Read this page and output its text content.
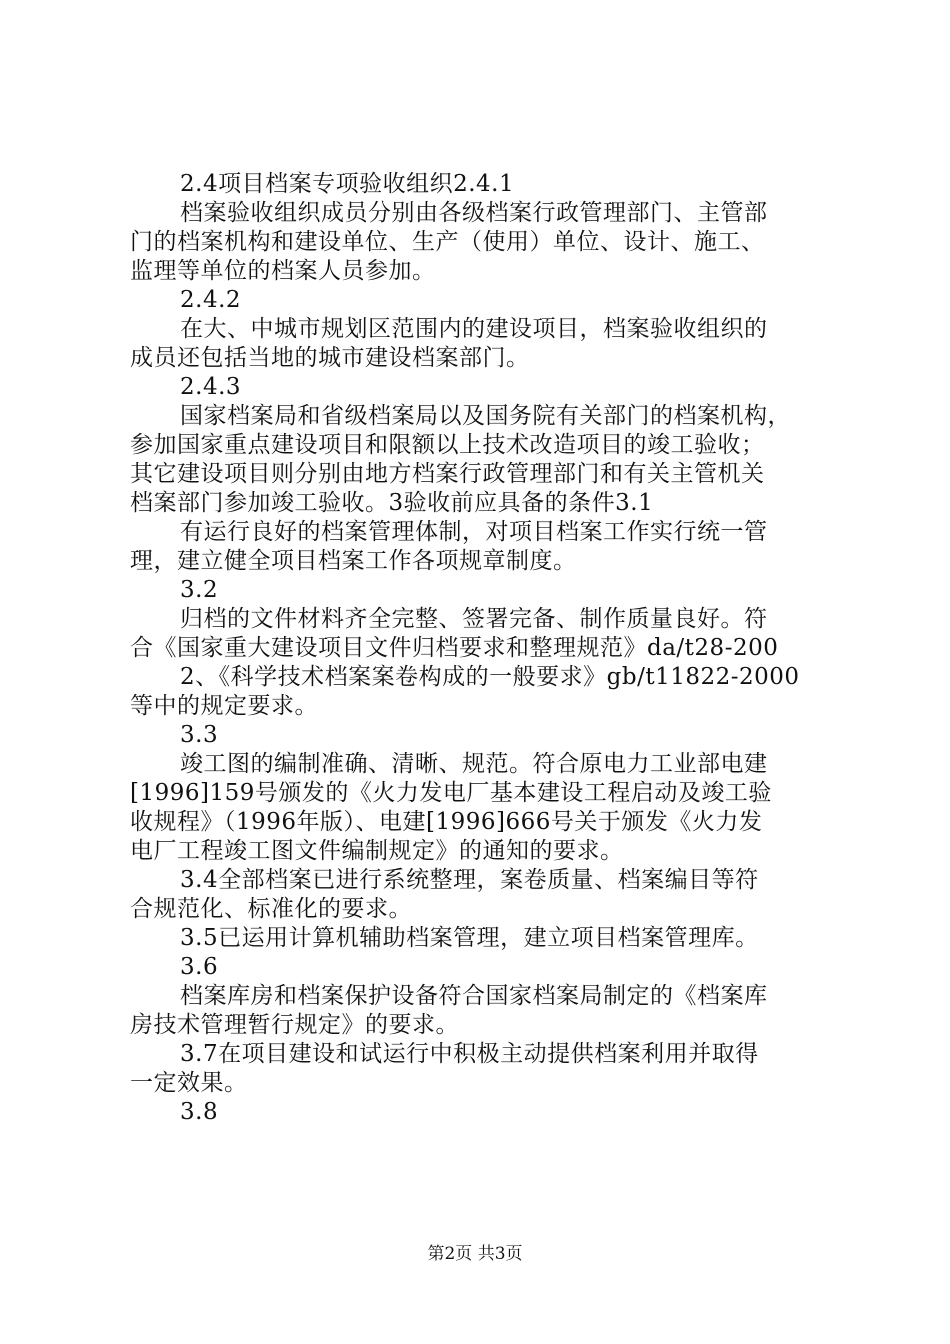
2.4项目档案专项验收组织2.4.1
档案验收组织成员分别由各级档案行政管理部门、主管部
门的档案机构和建设单位、生产（使用）单位、设计、施工、
监理等单位的档案人员参加。
2.4.2
在大、中城市规划区范围内的建设项目，档案验收组织的
成员还包括当地的城市建设档案部门。
2.4.3
国家档案局和省级档案局以及国务院有关部门的档案机构，
参加国家重点建设项目和限额以上技术改造项目的竣工验收；
其它建设项目则分别由地方档案行政管理部门和有关主管机关
档案部门参加竣工验收。3验收前应具备的条件3.1
有运行良好的档案管理体制，对项目档案工作实行统一管
理，建立健全项目档案工作各项规章制度。
3.2
归档的文件材料齐全完整、签署完备、制作质量良好。符
合《国家重大建设项目文件归档要求和整理规范》da/t28-200
2、《科学技术档案案卷构成的一般要求》gb/t11822-2000
等中的规定要求。
3.3
竣工图的编制准确、清晰、规范。符合原电力工业部电建
[1996]159号颁发的《火力发电厂基本建设工程启动及竣工验
收规程》（1996年版）、电建[1996]666号关于颁发《火力发
电厂工程竣工图文件编制规定》的通知的要求。
3.4全部档案已进行系统整理，案卷质量、档案编目等符
合规范化、标准化的要求。
3.5已运用计算机辅助档案管理，建立项目档案管理库。
3.6
档案库房和档案保护设备符合国家档案局制定的《档案库
房技术管理暂行规定》的要求。
3.7在项目建设和试运行中积极主动提供档案利用并取得
一定效果。
3.8
第2页 共3页
